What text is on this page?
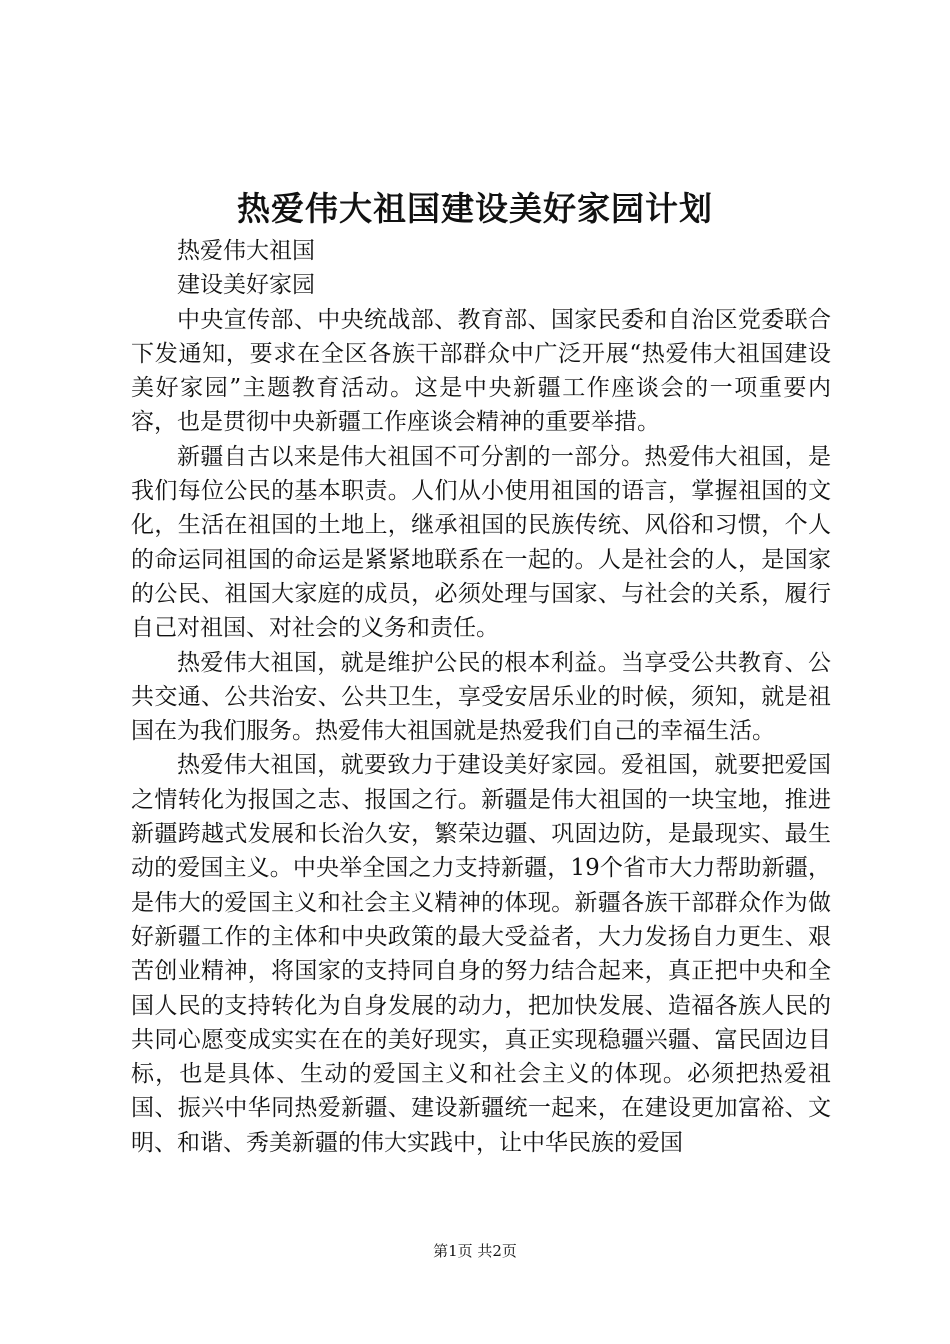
热爱伟大祖国建设美好家园计划

热爱伟大祖国

建设美好家园

中央宣传部、中央统战部、教育部、国家民委和自治区党委联合下发通知，要求在全区各族干部群众中广泛开展“热爱伟大祖国建设美好家园”主题教育活动。这是中央新疆工作座谈会的一项重要内容，也是贯彻中央新疆工作座谈会精神的重要举措。

新疆自古以来是伟大祖国不可分割的一部分。热爱伟大祖国，是我们每位公民的基本职责。人们从小使用祖国的语言，掌握祖国的文化，生活在祖国的土地上，继承祖国的民族传统、风俗和习惯，个人的命运同祖国的命运是紧紧地联系在一起的。人是社会的人，是国家的公民、祖国大家庭的成员，必须处理与国家、与社会的关系，履行自己对祖国、对社会的义务和责任。

热爱伟大祖国，就是维护公民的根本利益。当享受公共教育、公共交通、公共治安、公共卫生，享受安居乐业的时候，须知，就是祖国在为我们服务。热爱伟大祖国就是热爱我们自己的幸福生活。

热爱伟大祖国，就要致力于建设美好家园。爱祖国，就要把爱国之情转化为报国之志、报国之行。新疆是伟大祖国的一块宝地，推进新疆跨越式发展和长治久安，繁荣边疆、巩固边防，是最现实、最生动的爱国主义。中央举全国之力支持新疆，19个省市大力帮助新疆，是伟大的爱国主义和社会主义精神的体现。新疆各族干部群众作为做好新疆工作的主体和中央政策的最大受益者，大力发扬自力更生、艰苦创业精神，将国家的支持同自身的努力结合起来，真正把中央和全国人民的支持转化为自身发展的动力，把加快发展、造福各族人民的共同心愿变成实实在在的美好现实，真正实现稳疆兴疆、富民固边目标，也是具体、生动的爱国主义和社会主义的体现。必须把热爱祖国、振兴中华同热爱新疆、建设新疆统一起来，在建设更加富裕、文明、和谐、秀美新疆的伟大实践中，让中华民族的爱国

第1页 共2页
